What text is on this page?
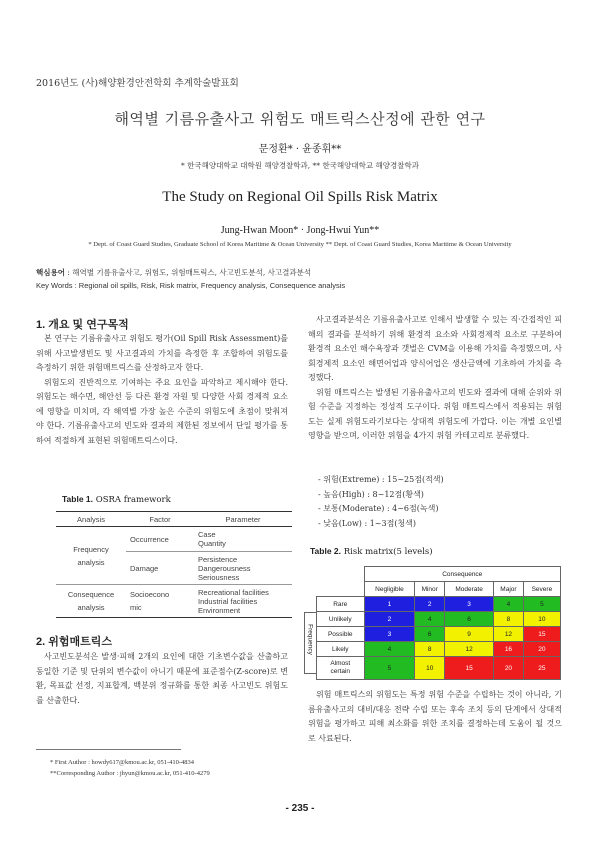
2016년도 (사)해양환경안전학회 추계학술발표회
해역별 기름유출사고 위험도 매트릭스산정에 관한 연구
문정환* · 윤종휘**
* 한국해양대학교 대학원 해양경찰학과, ** 한국해양대학교 해양경찰학과
The Study on Regional Oil Spills Risk Matrix
Jung-Hwan Moon* · Jong-Hwui Yun**
* Dept. of Coast Guard Studies, Graduate School of Korea Maritime & Ocean University ** Dept. of Coast Guard Studies, Korea Maritime & Ocean University
핵심용어 : 해역별 기름유출사고, 위험도, 위험매트릭스, 사고빈도분석, 사고결과분석
Key Words : Regional oil spills, Risk, Risk matrix, Frequency analysis, Consequence analysis
1. 개요 및 연구목적

본 연구는 기름유출사고 위험도 평가(Oil Spill Risk Assessment)를 위해 사고발생빈도 및 사고결과의 가치를 측정한 후 조합하여 위험도를 측정하기 위한 위험매트릭스를 산정하고자 한다.

위험도의 진반적으로 기여하는 주요 요인을 파악하고 제시해야 한다. 위험도는 해수면, 해안선 등 다른 환경 자원 및 다양한 사회 경제적 요소에 영향을 미치며, 각 해역별 가장 높은 수준의 위험도에 초점이 맞춰져야 한다. 기름유출사고의 빈도와 결과의 제한된 정보에서 단일 평가를 통하여 적절하게 표현된 위험매트릭스이다.

Table 1. OSRA framework
Analysis	Factor	Parameter
Frequency
analysis	Occurrence	Case
Quantity
	Damage	Persistence
Dangerousness
Seriousness
Consequence
analysis	Socioecono
mic	Recreational facilities
Industrial facilities
Environment
2. 위험매트릭스

사고빈도분석은 발생·피해 2개의 요인에 대한 기초변수값을 산출하고 동일한 기준 및 단위의 변수값이 아니기 때문에 표준점수(Z-score)로 변환, 목표값 선정, 지표합계, 백분위 정규화를 통한 최종 사고빈도 위험도를 산출한다.

* First Author : howdy617@kmou.ac.kr, 051-410-4834
**Corresponding Author : jhyun@kmou.ac.kr, 051-410-4279

사고결과분석은 기름유출사고로 인해서 발생할 수 있는 직·간접적인 피해의 결과를 분석하기 위해 환경적 요소와 사회경제적 요소로 구분하여 환경적 요소인 해수욕장과 갯벌은 CVM을 이용해 가치를 측정했으며, 사회경제적 요소인 해면어업과 양식어업은 생산금액에 기초하여 가치를 측정했다.

위험 매트릭스는 발생된 기름유출사고의 빈도와 결과에 대해 순위와 위험 수준을 지정하는 정성적 도구이다. 위험 매트릭스에서 적용되는 위험도는 실제 위험도라기보다는 상대적 위험도에 가깝다. 이는 개별 요인별 영향을 받으며, 이러한 위험을 4가지 위험 카테고리로 분류했다.

- 위험(Extreme) : 15~25점(적색)
- 높음(High) : 8~12점(황색)
- 보통(Moderate) : 4~6점(녹색)
- 낮음(Low) : 1~3점(청색)
Table 2. Risk matrix(5 levels)
Frequency
	Consequence				
	Negligible	Minor	Moderate	Major	Severe
Rare	1	2	3	4	5
Unlikely	2	4	6	8	10
Possible	3	6	9	12	15
Likely	4	8	12	16	20
Almost
certain	5	10	15	20	25

위험 매트릭스의 위험도는 특정 위험 수준을 수립하는 것이 아니라, 기름유출사고의 대비/대응 전략 수립 또는 후속 조치 등의 단계에서 상대적 위험을 평가하고 피해 최소화를 위한 조치를 결정하는데 도움이 될 것으로 사료된다.

- 235 -
